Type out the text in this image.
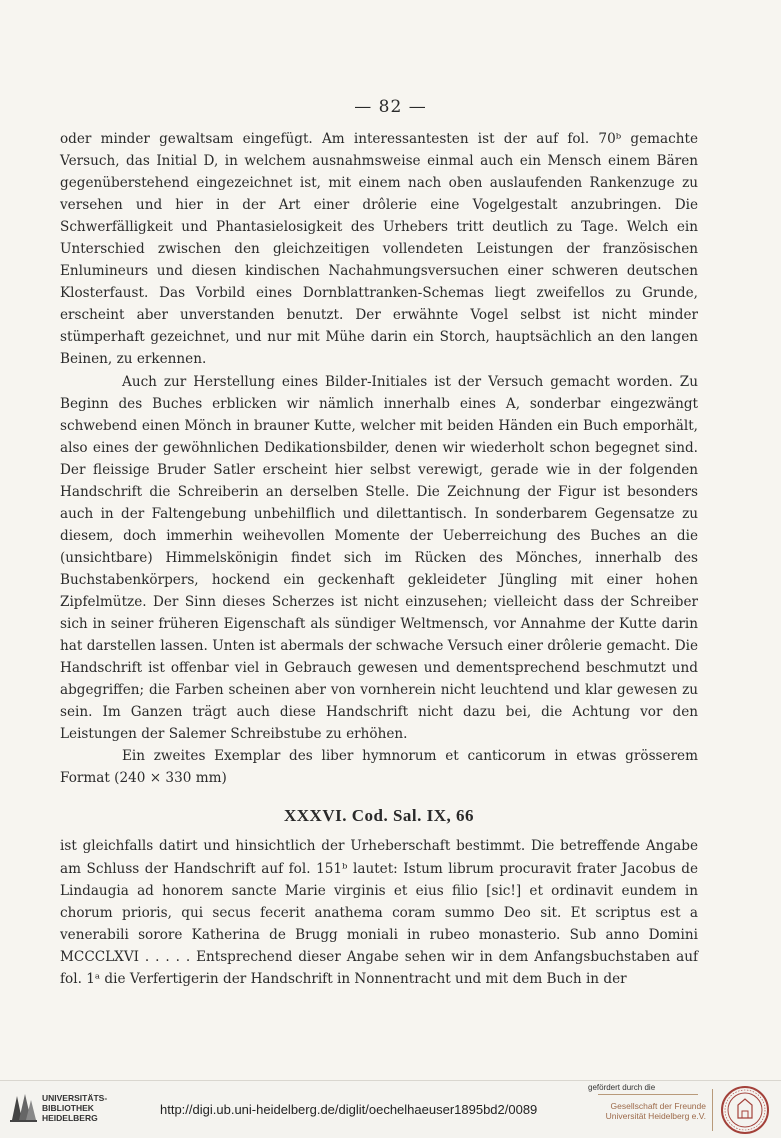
— 82 —

oder minder gewaltsam eingefügt. Am interessantesten ist der auf fol. 70ᵇ gemachte Versuch, das Initial D, in welchem ausnahmsweise einmal auch ein Mensch einem Bären gegenüberstehend eingezeichnet ist, mit einem nach oben auslaufenden Rankenzuge zu versehen und hier in der Art einer drôlerie eine Vogelgestalt anzubringen. Die Schwerfälligkeit und Phantasielosigkeit des Urhebers tritt deutlich zu Tage. Welch ein Unterschied zwischen den gleichzeitigen vollendeten Leistungen der französischen Enlumineurs und diesen kindischen Nachahmungsversuchen einer schweren deutschen Klosterfaust. Das Vorbild eines Dornblattranken-Schemas liegt zweifellos zu Grunde, erscheint aber unverstanden benutzt. Der erwähnte Vogel selbst ist nicht minder stümperhaft gezeichnet, und nur mit Mühe darin ein Storch, hauptsächlich an den langen Beinen, zu erkennen.

Auch zur Herstellung eines Bilder-Initiales ist der Versuch gemacht worden. Zu Beginn des Buches erblicken wir nämlich innerhalb eines A, sonderbar eingezwängt schwebend einen Mönch in brauner Kutte, welcher mit beiden Händen ein Buch emporhält, also eines der gewöhnlichen Dedikationsbilder, denen wir wiederholt schon begegnet sind. Der fleissige Bruder Satler erscheint hier selbst verewigt, gerade wie in der folgenden Handschrift die Schreiberin an derselben Stelle. Die Zeichnung der Figur ist besonders auch in der Faltengebung unbehilflich und dilettantisch. In sonderbarem Gegensatze zu diesem, doch immerhin weihevollen Momente der Ueberreichung des Buches an die (unsichtbare) Himmelskönigin findet sich im Rücken des Mönches, innerhalb des Buchstabenkörpers, hockend ein geckenhaft gekleideter Jüngling mit einer hohen Zipfelmütze. Der Sinn dieses Scherzes ist nicht einzusehen; vielleicht dass der Schreiber sich in seiner früheren Eigenschaft als sündiger Weltmensch, vor Annahme der Kutte darin hat darstellen lassen. Unten ist abermals der schwache Versuch einer drôlerie gemacht. Die Handschrift ist offenbar viel in Gebrauch gewesen und dementsprechend beschmutzt und abgegriffen; die Farben scheinen aber von vornherein nicht leuchtend und klar gewesen zu sein. Im Ganzen trägt auch diese Handschrift nicht dazu bei, die Achtung vor den Leistungen der Salemer Schreibstube zu erhöhen.

Ein zweites Exemplar des liber hymnorum et canticorum in etwas grösserem Format (240 × 330 mm)

XXXVI. Cod. Sal. IX, 66

ist gleichfalls datirt und hinsichtlich der Urheberschaft bestimmt. Die betreffende Angabe am Schluss der Handschrift auf fol. 151ᵇ lautet: Istum librum procuravit frater Jacobus de Lindaugia ad honorem sancte Marie virginis et eius filio [sic!] et ordinavit eundem in chorum prioris, qui secus fecerit anathema coram summo Deo sit. Et scriptus est a venerabili sorore Katherina de Brugg moniali in rubeo monasterio. Sub anno Domini MCCCLXVI . . . . . Entsprechend dieser Angabe sehen wir in dem Anfangsbuchstaben auf fol. 1ᵃ die Verfertigerin der Handschrift in Nonnentracht und mit dem Buch in der

UNIVERSITÄTS-
BIBLIOTHEK
HEIDELBERG
http://digi.ub.uni-heidelberg.de/diglit/oechelhaeuser1895bd2/0089
gefördert durch die
Gesellschaft der Freunde
Universität Heidelberg e.V.
